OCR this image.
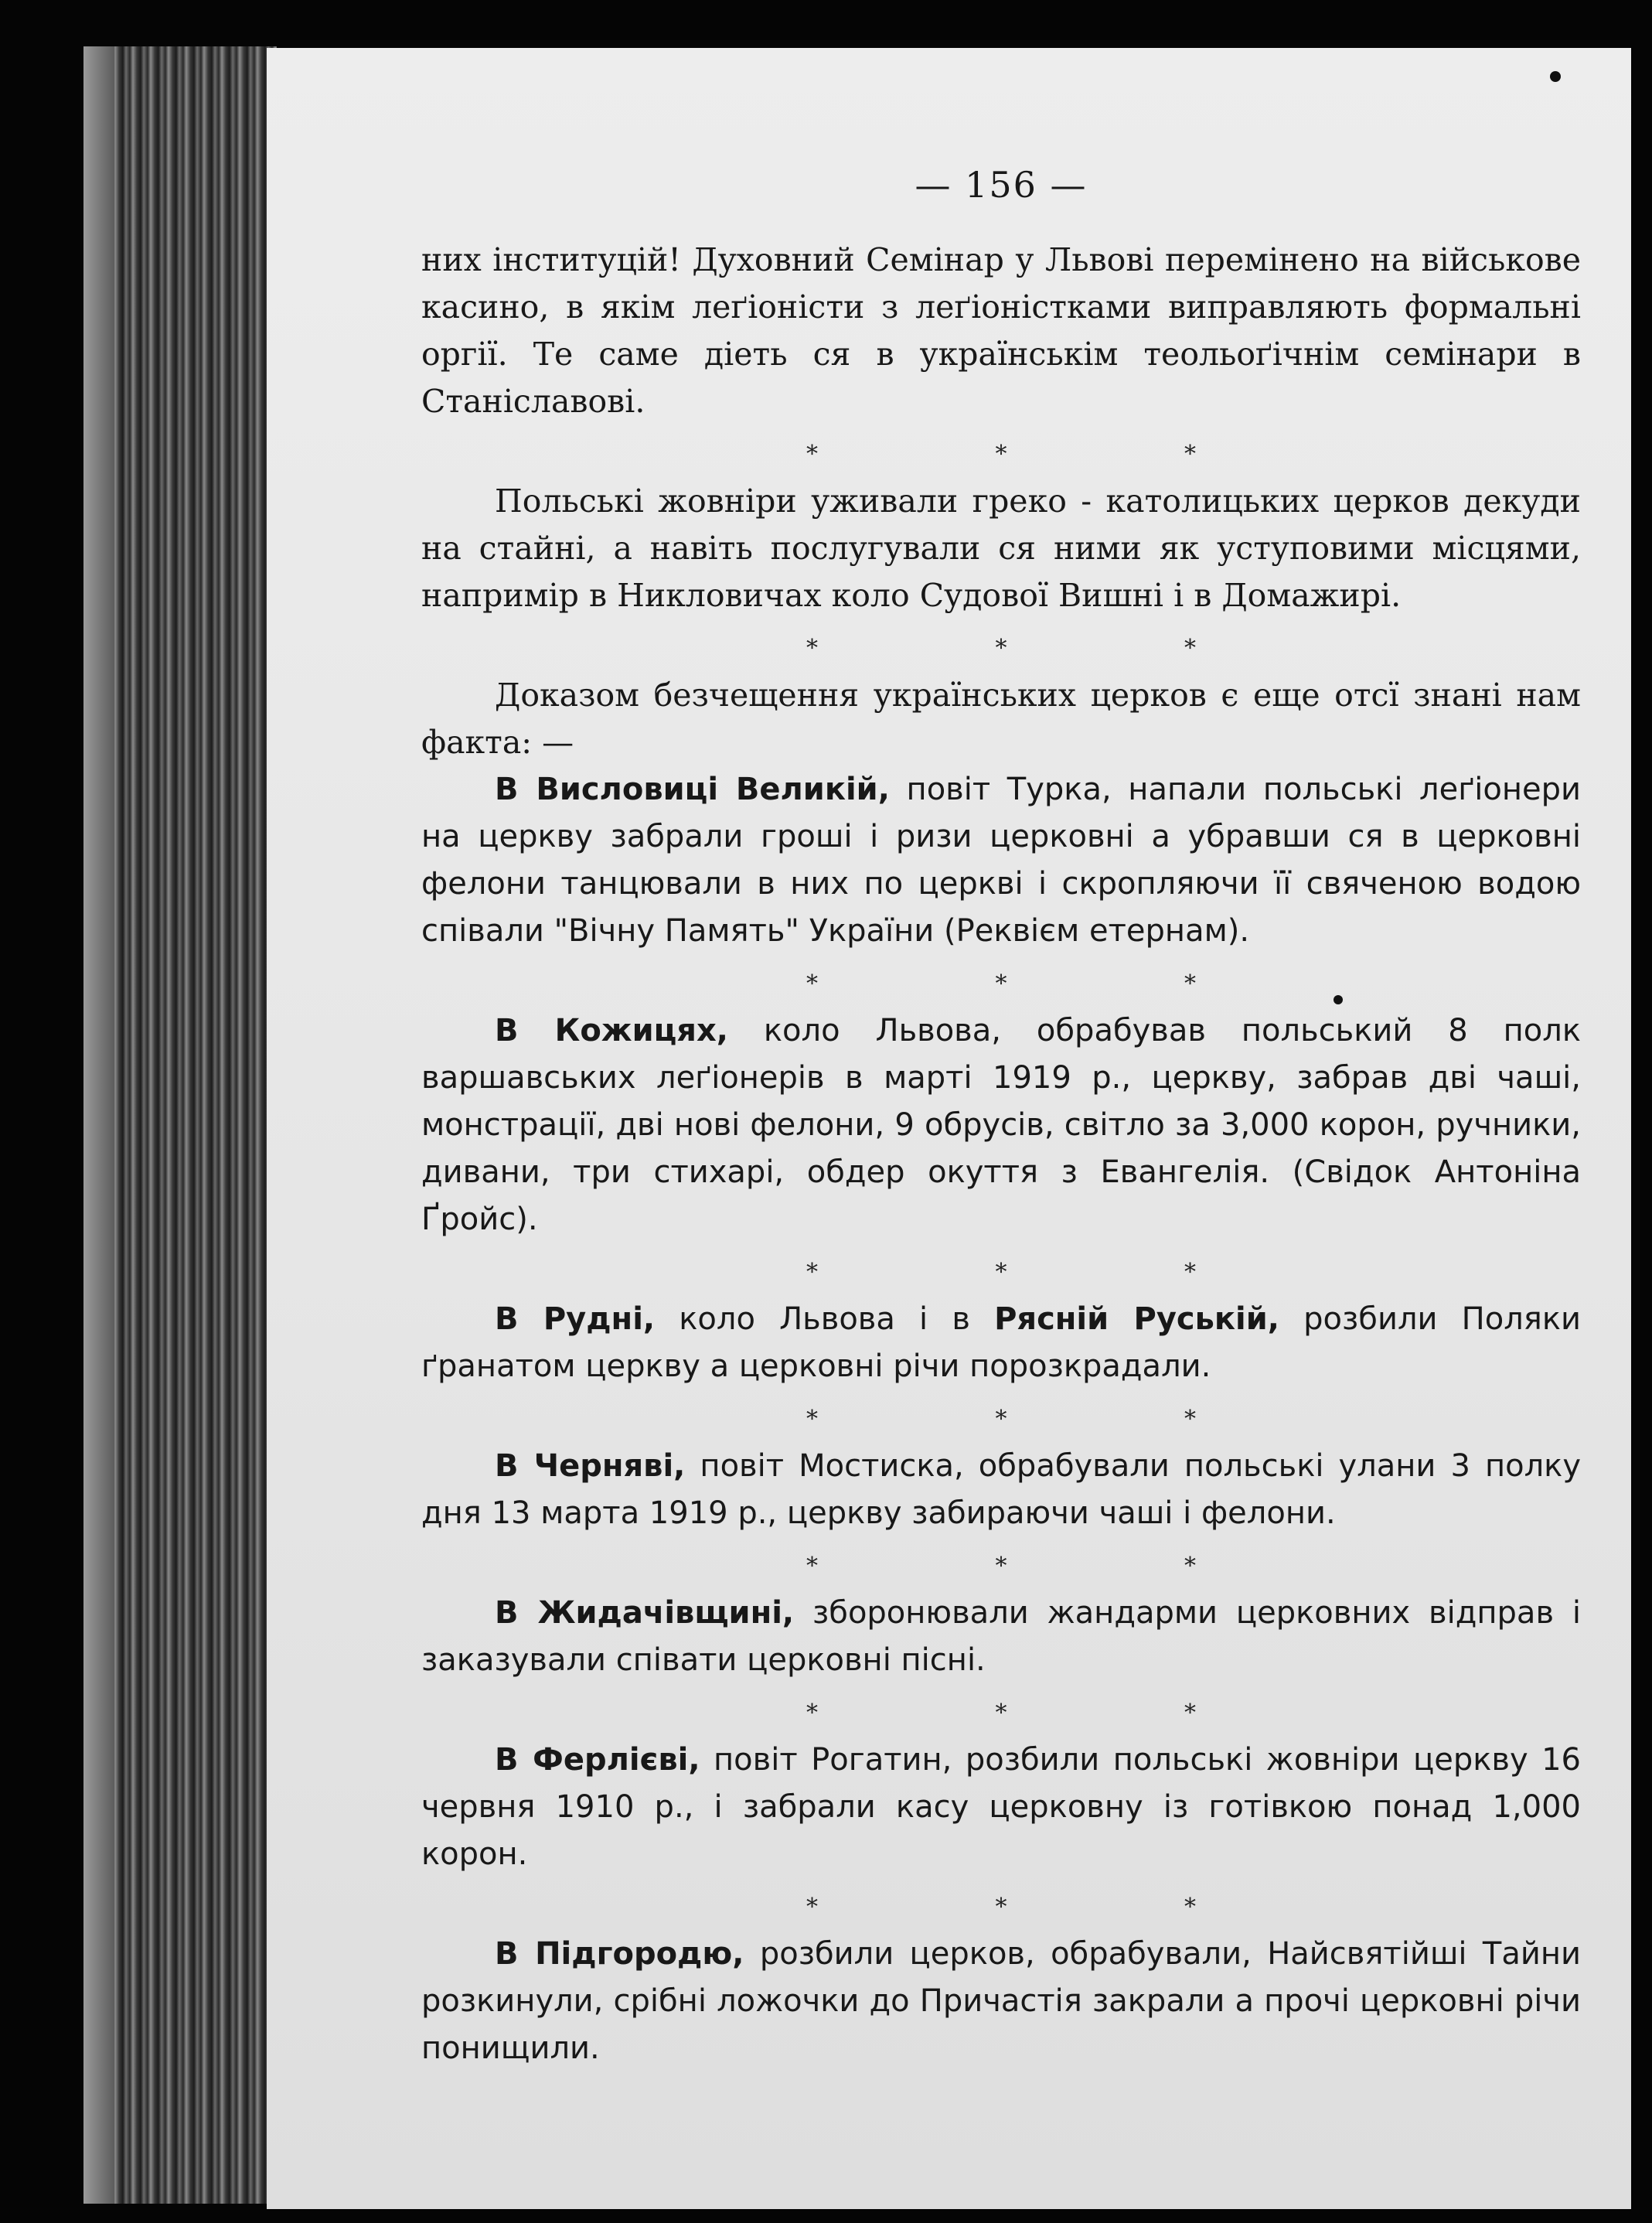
— 156 —

них інституцій! Духовний Семінар у Львові перемінено на військове касино, в якім леґіоністи з леґіоністками виправляють формальні оргії. Те саме діеть ся в українськім теольоґічнім семінари в Станіславові.

* * *

Польські жовніри уживали греко - католицьких церков декуди на стайні, а навіть послугували ся ними як уступовими місцями, наприміp в Никловичах коло Судової Вишні і в Домажирі.

* * *

Доказом безчещення українських церков є еще отсї знані нам факта: —

В Висловиці Великій, повіт Турка, напали польські леґіонери на церкву забрали гроші і ризи церковні а убравши ся в церковні фелони танцювали в них по церкві і скропляючи її свяченою водою співали "Вічну Память" України (Реквієм етернам).

* * *

В Кожицях, коло Львова, обрабував польський 8 полк варшавських леґіонерів в марті 1919 р., церкву, забрав дві чаші, монстрації, дві нові фелони, 9 обрусів, світло за 3,000 корон, ручники, дивани, три стихарі, обдер окуття з Евангелія. (Свідок Антоніна Ґройс).

* * *

В Рудні, коло Львова і в Рясній Руській, розбили Поляки ґранатом церкву а церковні річи порозкрадали.

* * *

В Черняві, повіт Мостиска, обрабували польські улани 3 полку дня 13 марта 1919 р., церкву забираючи чаші і фелони.

* * *

В Жидачівщині, зборонювали жандарми церковних відправ і заказували співати церковні пісні.

* * *

В Ферлієві, повіт Рогатин, розбили польські жовніри церкву 16 червня 1910 р., і забрали касу церковну із готівкою понад 1,000 корон.

* * *

В Підгородю, розбили церков, обрабували, Найсвятійші Тайни розкинули, срібні ложочки до Причастія закрали а прочі церковні річи понищили.
